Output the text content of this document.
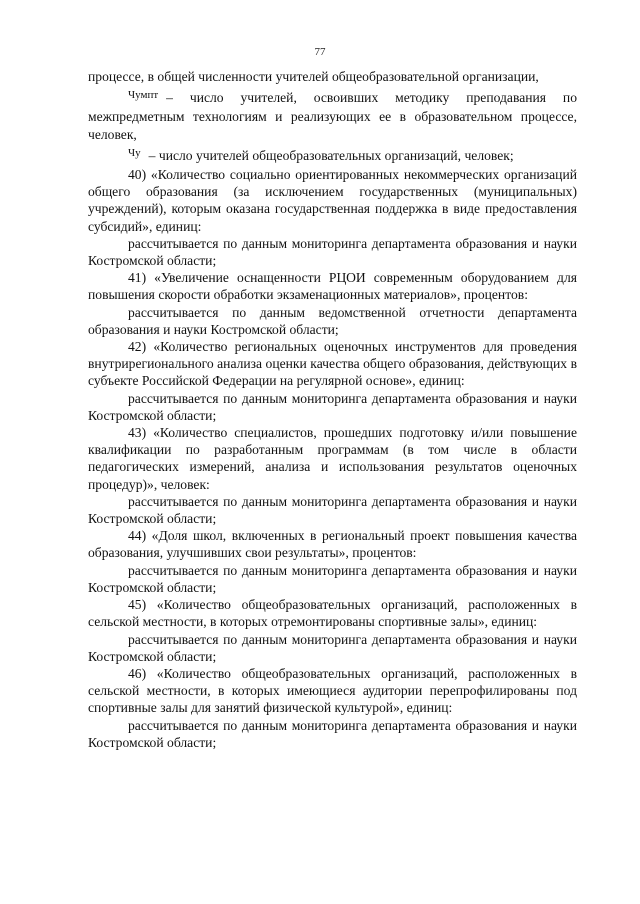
77

процессе, в общей численности учителей общеобразовательной организации,

$^{Чумпт}$ – число учителей, освоивших методику преподавания по межпредметным технологиям и реализующих ее в образовательном процессе, человек,

$^{Чу}$ – число учителей общеобразовательных организаций, человек;

40) «Количество социально ориентированных некоммерческих организаций общего образования (за исключением государственных (муниципальных) учреждений), которым оказана государственная поддержка в виде предоставления субсидий», единиц:

рассчитывается по данным мониторинга департамента образования и науки Костромской области;

41) «Увеличение оснащенности РЦОИ современным оборудованием для повышения скорости обработки экзаменационных материалов», процентов:

рассчитывается по данным ведомственной отчетности департамента образования и науки Костромской области;

42) «Количество региональных оценочных инструментов для проведения внутрирегионального анализа оценки качества общего образования, действующих в субъекте Российской Федерации на регулярной основе», единиц:

рассчитывается по данным мониторинга департамента образования и науки Костромской области;

43) «Количество специалистов, прошедших подготовку и/или повышение квалификации по разработанным программам (в том числе в области педагогических измерений, анализа и использования результатов оценочных процедур)», человек:

рассчитывается по данным мониторинга департамента образования и науки Костромской области;

44) «Доля школ, включенных в региональный проект повышения качества образования, улучшивших свои результаты», процентов:

рассчитывается по данным мониторинга департамента образования и науки Костромской области;

45) «Количество общеобразовательных организаций, расположенных в сельской местности, в которых отремонтированы спортивные залы», единиц:

рассчитывается по данным мониторинга департамента образования и науки Костромской области;

46) «Количество общеобразовательных организаций, расположенных в сельской местности, в которых имеющиеся аудитории перепрофилированы под спортивные залы для занятий физической культурой», единиц:

рассчитывается по данным мониторинга департамента образования и науки Костромской области;
